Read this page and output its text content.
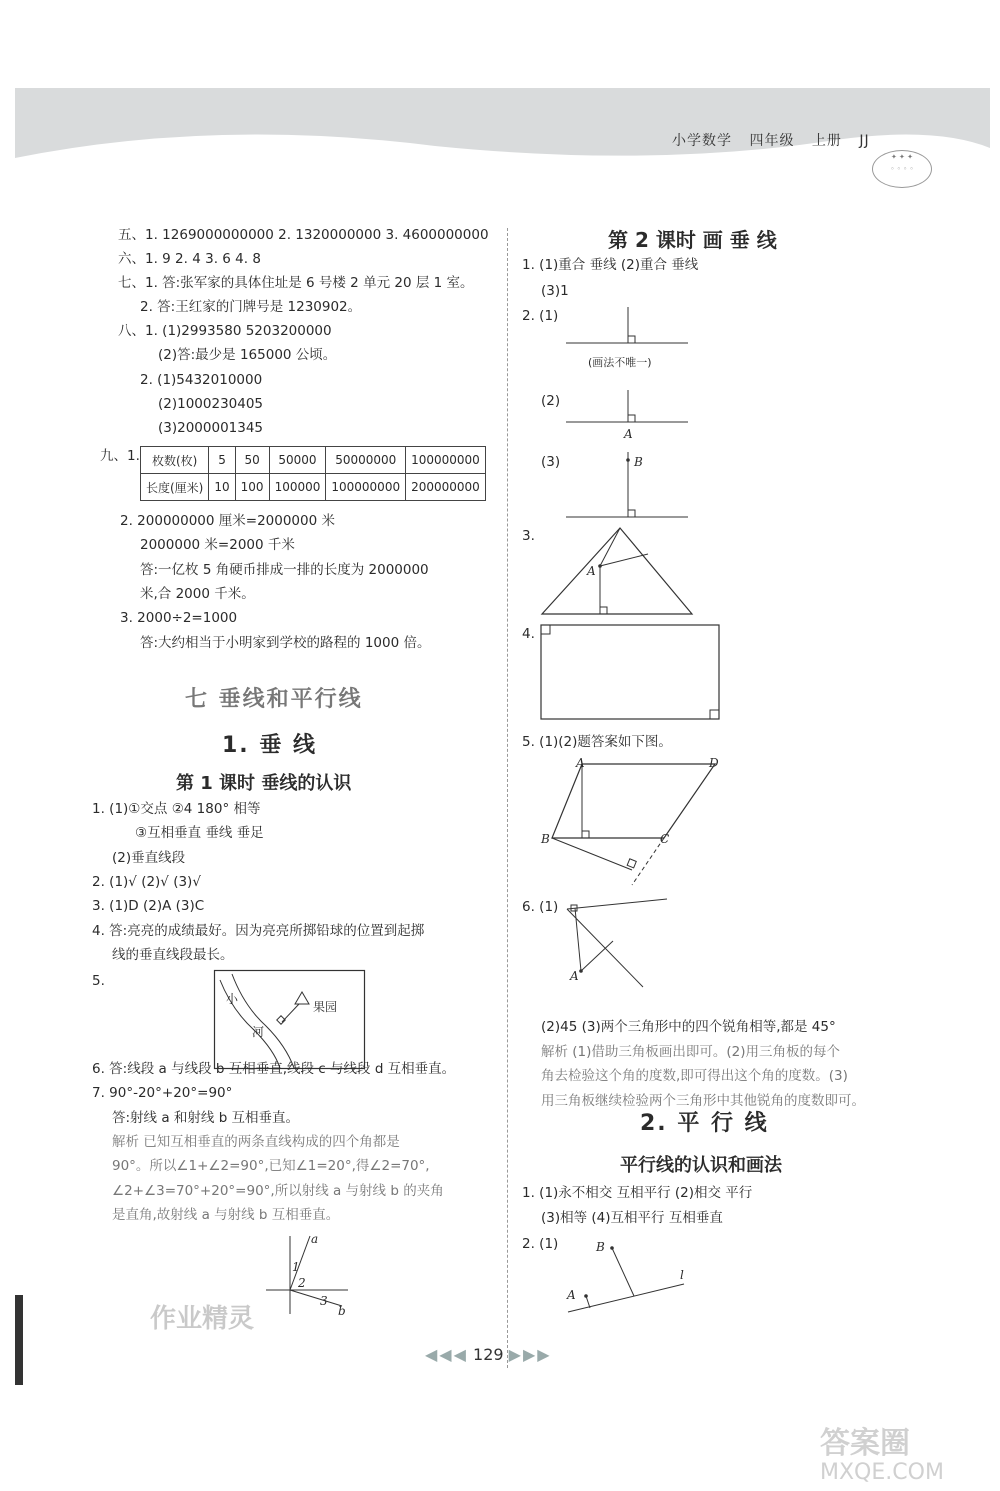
小学数学 四年级 上册 JJ
✦ ✦ ✦
◦ ◦ ◦ ◦
五、1. 1269000000000 2. 1320000000 3. 4600000000
六、1. 9 2. 4 3. 6 4. 8
七、1. 答:张军家的具体住址是 6 号楼 2 单元 20 层 1 室。
2. 答:王红家的门牌号是 1230902。
八、1. (1)2993580 5203200000
(2)答:最少是 165000 公顷。
2. (1)5432010000
(2)1000230405
(3)2000001345
九、1. 枚数(枚)	5	50	50000	50000000	100000000
长度(厘米)	10	100	100000	100000000	200000000
2. 200000000 厘米=2000000 米
2000000 米=2000 千米
答:一亿枚 5 角硬币排成一排的长度为 2000000
米,合 2000 千米。
3. 2000÷2=1000
答:大约相当于小明家到学校的路程的 1000 倍。
七 垂线和平行线
1. 垂 线
第 1 课时 垂线的认识
1. (1)①交点 ②4 180° 相等
③互相垂直 垂线 垂足
(2)垂直线段
2. (1)√ (2)√ (3)√
3. (1)D (2)A (3)C
4. 答:亮亮的成绩最好。因为亮亮所掷铅球的位置到起掷
线的垂直线段最长。
5.
小
河
果园
6. 答:线段 a 与线段 b 互相垂直,线段 c 与线段 d 互相垂直。
7. 90°-20°+20°=90°
答:射线 a 和射线 b 互相垂直。
解析 已知互相垂直的两条直线构成的四个角都是
90°。所以∠1+∠2=90°,已知∠1=20°,得∠2=70°,
∠2+∠3=70°+20°=90°,所以射线 a 与射线 b 的夹角
是直角,故射线 a 与射线 b 互相垂直。
a
1
2
3
b
作业精灵
第 2 课时 画 垂 线
1. (1)重合 垂线 (2)重合 垂线
(3)1
2. (1)
(画法不唯一)
(2)
A
(3)	B
3.
A
4.
5. (1)(2)题答案如下图。
A	D
B	C
6. (1)
A
(2)45 (3)两个三角形中的四个锐角相等,都是 45°
解析 (1)借助三角板画出即可。(2)用三角板的每个
角去检验这个角的度数,即可得出这个角的度数。(3)
用三角板继续检验两个三角形中其他锐角的度数即可。
2. 平 行 线
平行线的认识和画法
1. (1)永不相交 互相平行 (2)相交 平行
(3)相等 (4)互相平行 互相垂直
2. (1)	B
A
l
◀◀◀ 129 ▶▶▶
答案圈
MXQE.COM
